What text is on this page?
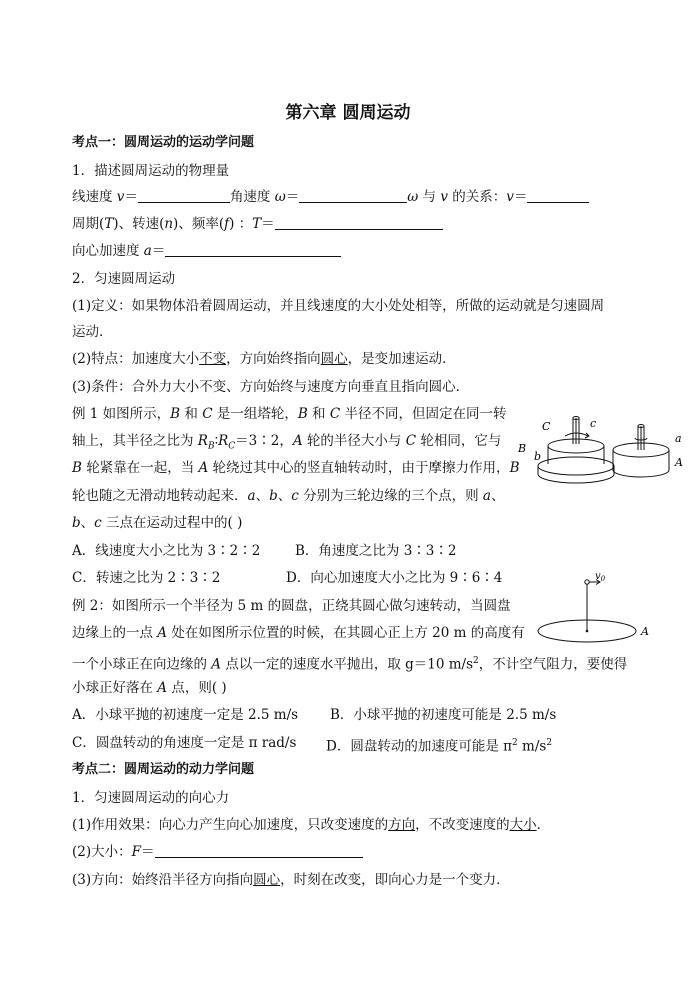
第六章 圆周运动
考点一：圆周运动的运动学问题
1．描述圆周运动的物理量
线速度 v＝	角速度 ω＝	ω 与 v 的关系：v＝
周期(T)、转速(n)、频率(f) ：T＝
向心加速度 a＝
2．匀速圆周运动
(1)定义：如果物体沿着圆周运动，并且线速度的大小处处相等，所做的运动就是匀速圆周
运动．
(2)特点：加速度大小不变，方向始终指向圆心，是变加速运动．
(3)条件：合外力大小不变、方向始终与速度方向垂直且指向圆心．
例 1 如图所示，B 和 C 是一组塔轮，B 和 C 半径不同，但固定在同一转
轴上，其半径之比为 $R_B∶R_C=3∶2$，A 轮的半径大小与 C 轮相同，它与
B 轮紧靠在一起，当 A 轮绕过其中心的竖直轴转动时，由于摩擦力作用，B
轮也随之无滑动地转动起来．a、b、c 分别为三轮边缘的三个点，则 a、
b、c 三点在运动过程中的( )
A．线速度大小之比为 3∶2∶2	B．角速度之比为 3∶3∶2
C．转速之比为 2∶3∶2	D．向心加速度大小之比为 9∶6∶4
C	c
B
b
a
A
例 2：如图所示一个半径为 5 m 的圆盘，正绕其圆心做匀速转动，当圆盘
边缘上的一点 A 处在如图所示位置的时候，在其圆心正上方 20 m 的高度有
一个小球正在向边缘的 A 点以一定的速度水平抛出，取 g＝10 $m/s^2$，不计空气阻力，要使得
小球正好落在 A 点，则( )
A．小球平抛的初速度一定是 2.5 m/s B．小球平抛的初速度可能是 2.5 m/s
C．圆盘转动的角速度一定是 π rad/s D．圆盘转动的加速度可能是 $\pi^2$ $m/s^2$
$v_0$
A
考点二：圆周运动的动力学问题
1．匀速圆周运动的向心力
(1)作用效果：向心力产生向心加速度，只改变速度的方向，不改变速度的大小．
(2)大小：F＝
(3)方向：始终沿半径方向指向圆心，时刻在改变，即向心力是一个变力．
